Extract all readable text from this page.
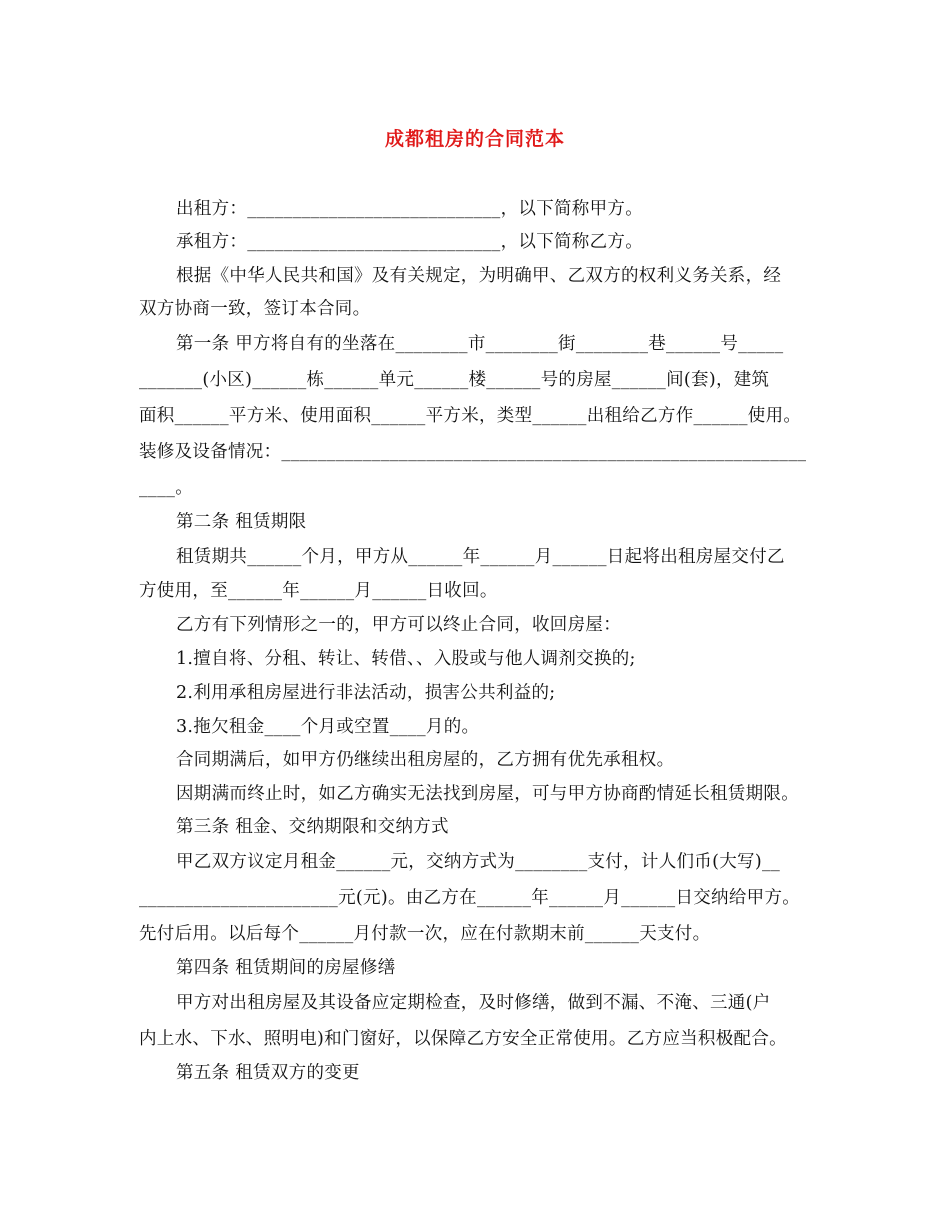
成都租房的合同范本
出租方：____________________________，以下简称甲方。
承租方：____________________________，以下简称乙方。
根据《中华人民共和国》及有关规定，为明确甲、乙双方的权利义务关系，经
双方协商一致，签订本合同。
第一条 甲方将自有的坐落在________市________街________巷______号_____
_______(小区)______栋______单元______楼______号的房屋______间(套)，建筑
面积______平方米、使用面积______平方米，类型______出租给乙方作______使用。
装修及设备情况：__________________________________________________________
____。
第二条 租赁期限
租赁期共______个月，甲方从______年______月______日起将出租房屋交付乙
方使用，至______年______月______日收回。
乙方有下列情形之一的，甲方可以终止合同，收回房屋：
1.擅自将、分租、转让、转借、、入股或与他人调剂交换的;
2.利用承租房屋进行非法活动，损害公共利益的;
3.拖欠租金____个月或空置____月的。
合同期满后，如甲方仍继续出租房屋的，乙方拥有优先承租权。
因期满而终止时，如乙方确实无法找到房屋，可与甲方协商酌情延长租赁期限。
第三条 租金、交纳期限和交纳方式
甲乙双方议定月租金______元，交纳方式为________支付，计人们币(大写)__
______________________元(元)。由乙方在______年______月______日交纳给甲方。
先付后用。以后每个______月付款一次，应在付款期末前______天支付。
第四条 租赁期间的房屋修缮
甲方对出租房屋及其设备应定期检查，及时修缮，做到不漏、不淹、三通(户
内上水、下水、照明电)和门窗好，以保障乙方安全正常使用。乙方应当积极配合。
第五条 租赁双方的变更
